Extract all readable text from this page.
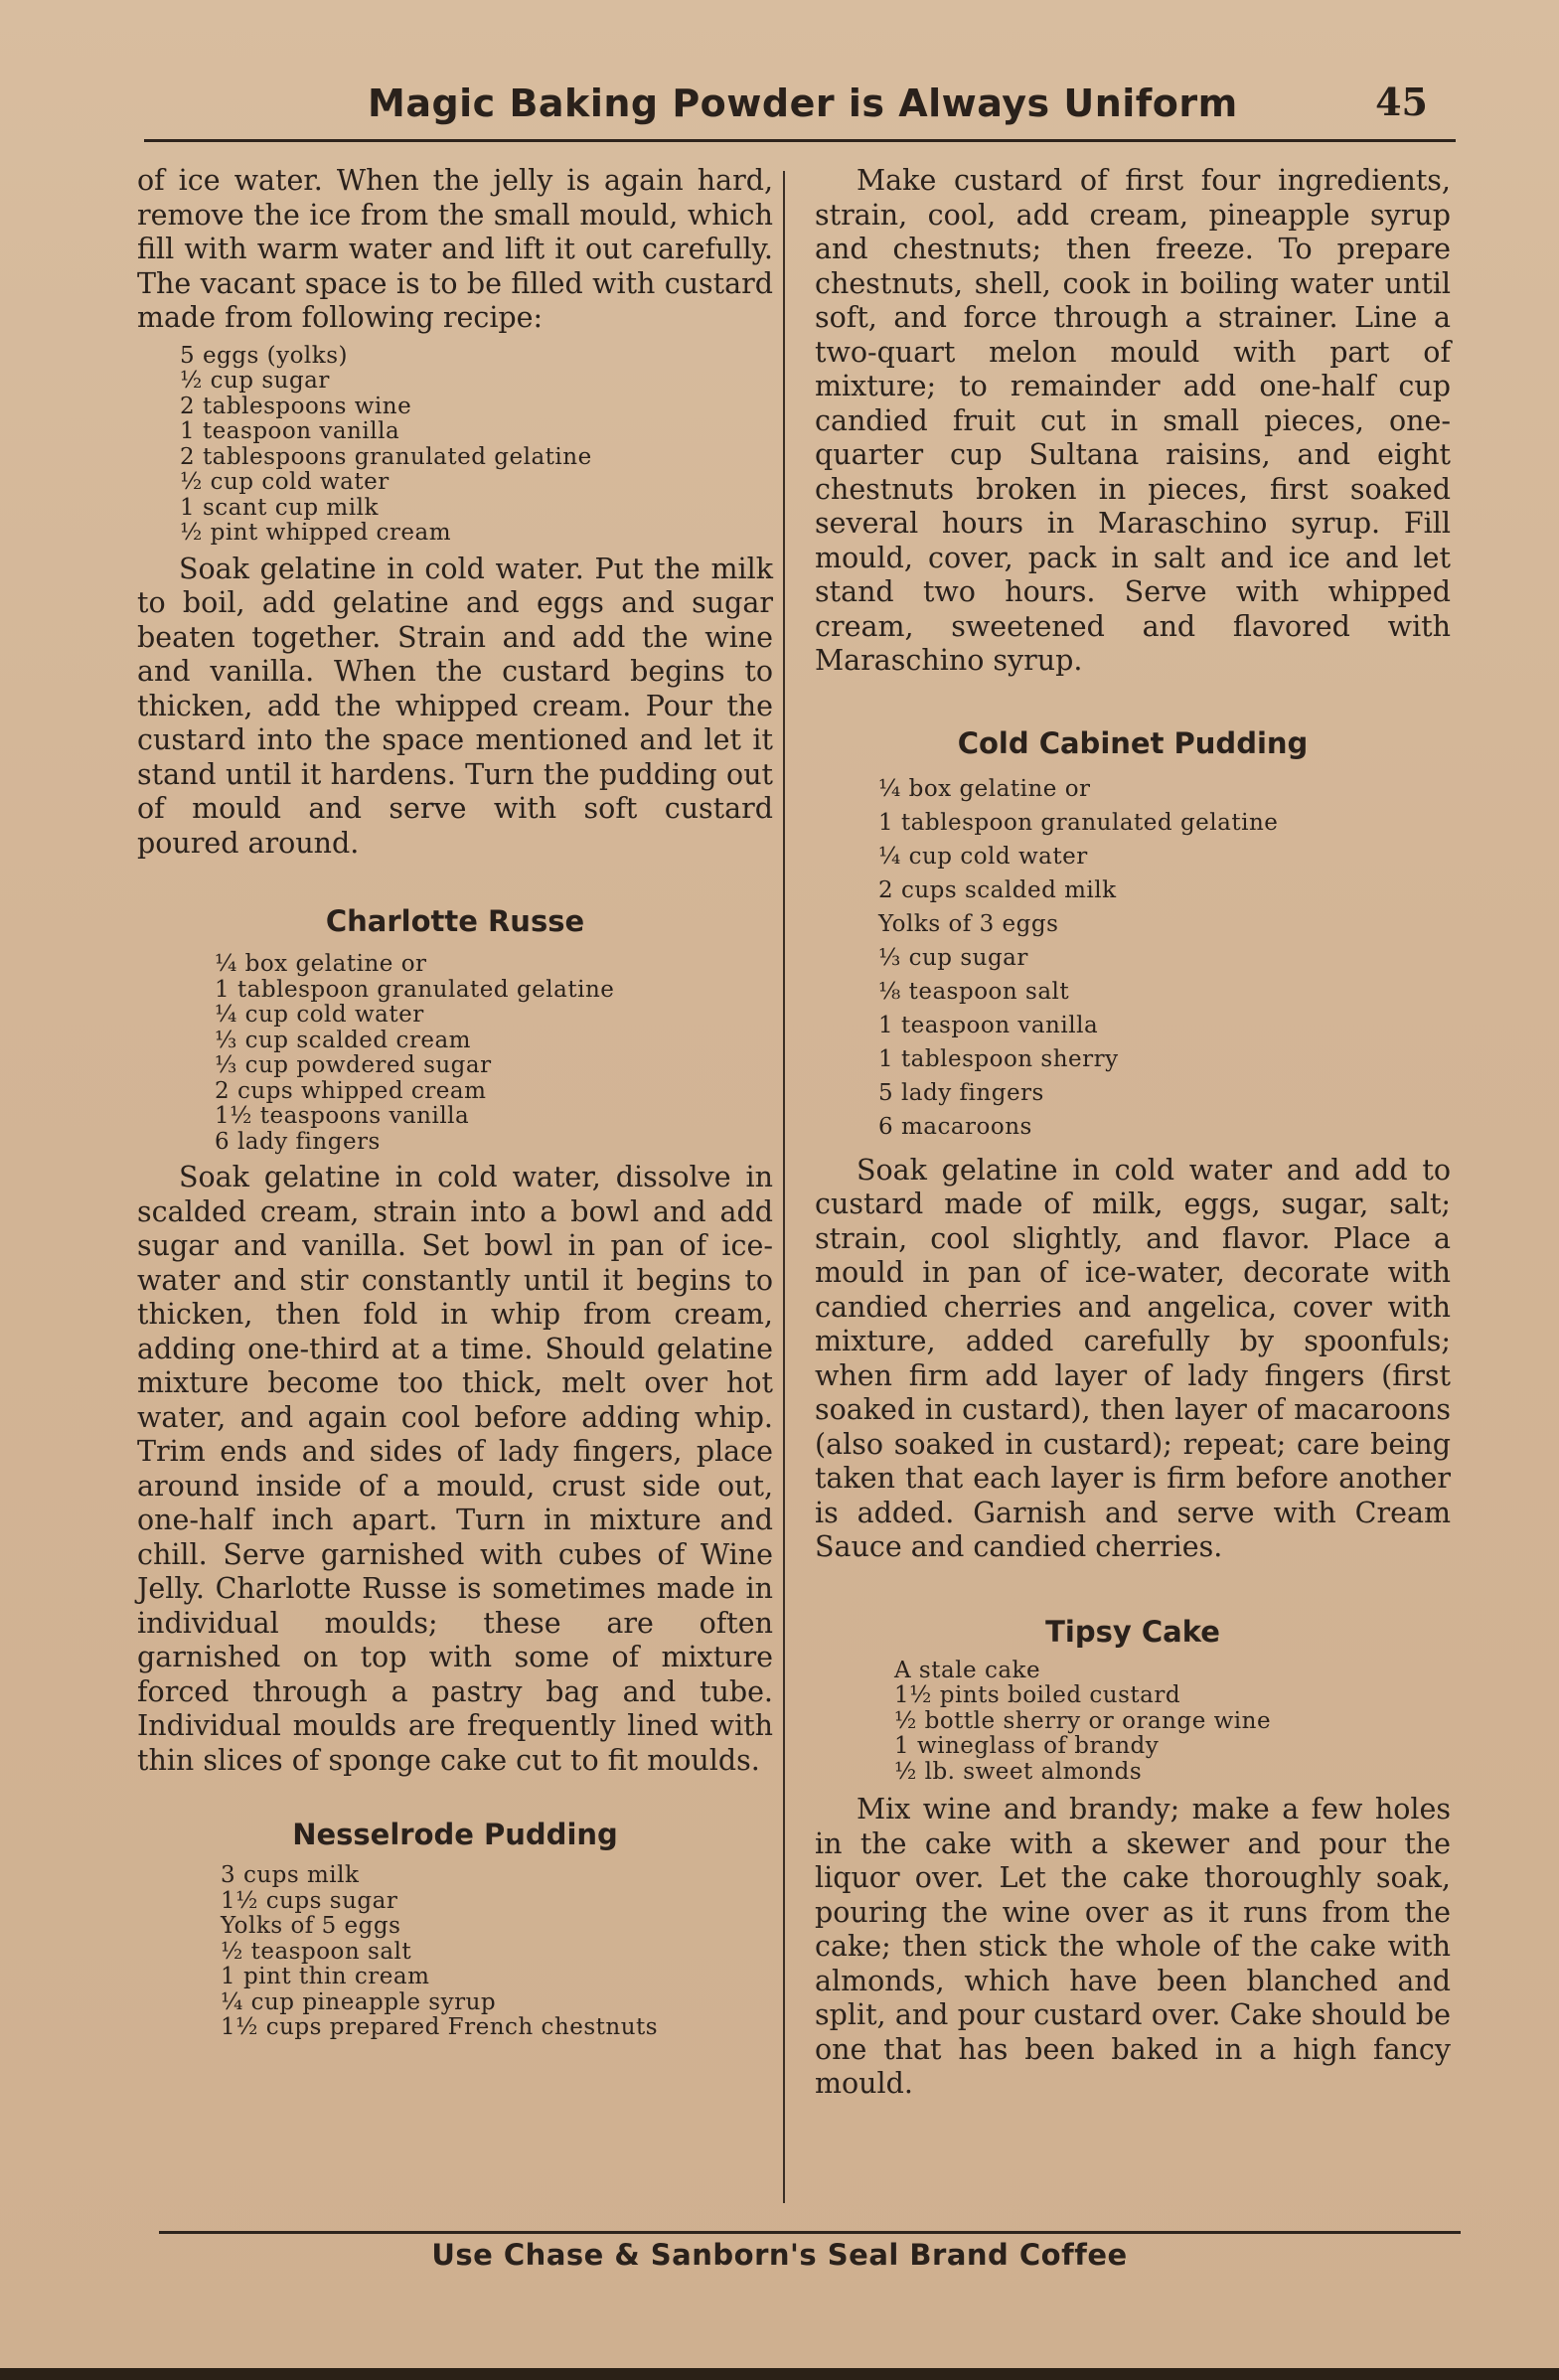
Magic Baking Powder is Always Uniform	45

of ice water. When the jelly is again hard, remove the ice from the small mould, which fill with warm water and lift it out carefully. The vacant space is to be filled with custard made from following recipe:

5 eggs (yolks)
½ cup sugar
2 tablespoons wine
1 teaspoon vanilla
2 tablespoons granulated gelatine
½ cup cold water
1 scant cup milk
½ pint whipped cream

Soak gelatine in cold water. Put the milk to boil, add gelatine and eggs and sugar beaten together. Strain and add the wine and vanilla. When the custard begins to thicken, add the whipped cream. Pour the custard into the space mentioned and let it stand until it hardens. Turn the pudding out of mould and serve with soft custard poured around.

Charlotte Russe
¼ box gelatine or
1 tablespoon granulated gelatine
¼ cup cold water
⅓ cup scalded cream
⅓ cup powdered sugar
2 cups whipped cream
1½ teaspoons vanilla
6 lady fingers

Soak gelatine in cold water, dissolve in scalded cream, strain into a bowl and add sugar and vanilla. Set bowl in pan of ice-water and stir constantly until it begins to thicken, then fold in whip from cream, adding one-third at a time. Should gelatine mixture become too thick, melt over hot water, and again cool before adding whip. Trim ends and sides of lady fingers, place around inside of a mould, crust side out, one-half inch apart. Turn in mixture and chill. Serve garnished with cubes of Wine Jelly. Charlotte Russe is sometimes made in individual moulds; these are often garnished on top with some of mixture forced through a pastry bag and tube. Individual moulds are frequently lined with thin slices of sponge cake cut to fit moulds.

Nesselrode Pudding
3 cups milk
1½ cups sugar
Yolks of 5 eggs
½ teaspoon salt
1 pint thin cream
¼ cup pineapple syrup
1½ cups prepared French chestnuts

Make custard of first four ingredients, strain, cool, add cream, pineapple syrup and chestnuts; then freeze. To prepare chestnuts, shell, cook in boiling water until soft, and force through a strainer. Line a two-quart melon mould with part of mixture; to remainder add one-half cup candied fruit cut in small pieces, one-quarter cup Sultana raisins, and eight chestnuts broken in pieces, first soaked several hours in Maraschino syrup. Fill mould, cover, pack in salt and ice and let stand two hours. Serve with whipped cream, sweetened and flavored with Maraschino syrup.

Cold Cabinet Pudding
¼ box gelatine or
1 tablespoon granulated gelatine
¼ cup cold water
2 cups scalded milk
Yolks of 3 eggs
⅓ cup sugar
⅛ teaspoon salt
1 teaspoon vanilla
1 tablespoon sherry
5 lady fingers
6 macaroons

Soak gelatine in cold water and add to custard made of milk, eggs, sugar, salt; strain, cool slightly, and flavor. Place a mould in pan of ice-water, decorate with candied cherries and angelica, cover with mixture, added carefully by spoonfuls; when firm add layer of lady fingers (first soaked in custard), then layer of macaroons (also soaked in custard); repeat; care being taken that each layer is firm before another is added. Garnish and serve with Cream Sauce and candied cherries.

Tipsy Cake
A stale cake
1½ pints boiled custard
½ bottle sherry or orange wine
1 wineglass of brandy
½ lb. sweet almonds

Mix wine and brandy; make a few holes in the cake with a skewer and pour the liquor over. Let the cake thoroughly soak, pouring the wine over as it runs from the cake; then stick the whole of the cake with almonds, which have been blanched and split, and pour custard over. Cake should be one that has been baked in a high fancy mould.

Use Chase & Sanborn's Seal Brand Coffee
